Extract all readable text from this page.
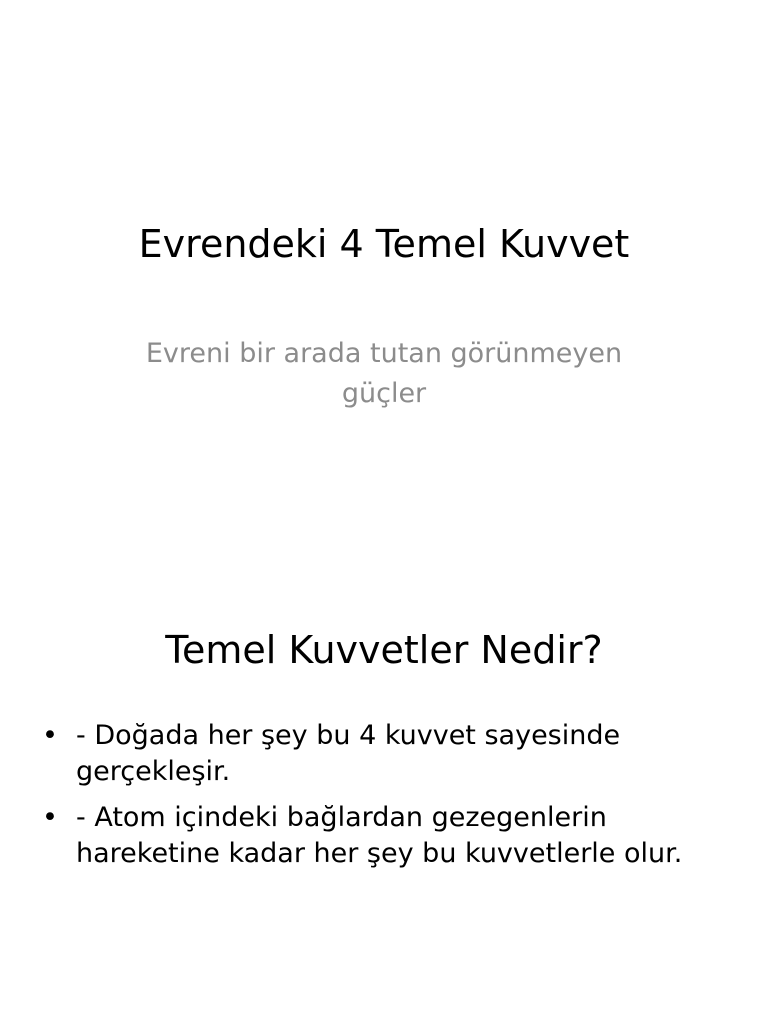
Evrendeki 4 Temel Kuvvet
Evreni bir arada tutan görünmeyen güçler
Temel Kuvvetler Nedir?
• - Doğada her şey bu 4 kuvvet sayesinde gerçekleşir.
• - Atom içindeki bağlardan gezegenlerin hareketine kadar her şey bu kuvvetlerle olur.
